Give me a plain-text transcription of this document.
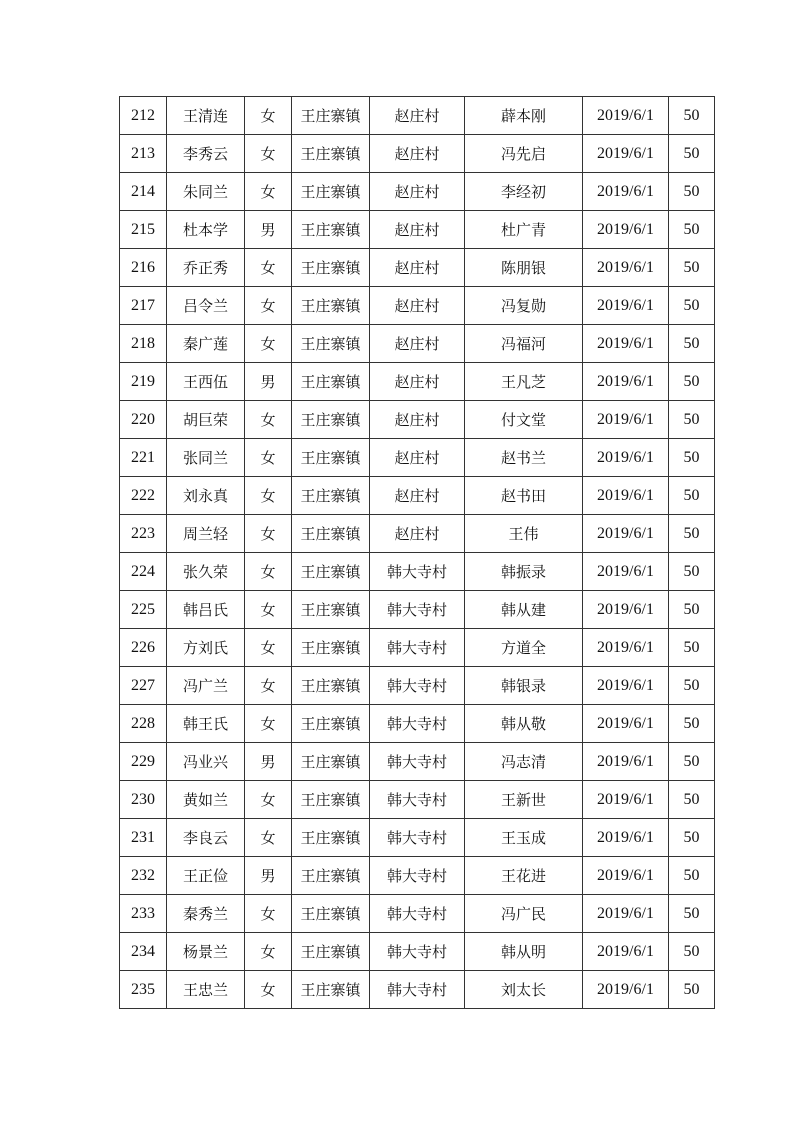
212	王清连	女	王庄寨镇	赵庄村	薜本刚	2019/6/1	50
213	李秀云	女	王庄寨镇	赵庄村	冯先启	2019/6/1	50
214	朱同兰	女	王庄寨镇	赵庄村	李经初	2019/6/1	50
215	杜本学	男	王庄寨镇	赵庄村	杜广青	2019/6/1	50
216	乔正秀	女	王庄寨镇	赵庄村	陈朋银	2019/6/1	50
217	吕令兰	女	王庄寨镇	赵庄村	冯复勋	2019/6/1	50
218	秦广莲	女	王庄寨镇	赵庄村	冯福河	2019/6/1	50
219	王西伍	男	王庄寨镇	赵庄村	王凡芝	2019/6/1	50
220	胡巨荣	女	王庄寨镇	赵庄村	付文堂	2019/6/1	50
221	张同兰	女	王庄寨镇	赵庄村	赵书兰	2019/6/1	50
222	刘永真	女	王庄寨镇	赵庄村	赵书田	2019/6/1	50
223	周兰轻	女	王庄寨镇	赵庄村	王伟	2019/6/1	50
224	张久荣	女	王庄寨镇	韩大寺村	韩振录	2019/6/1	50
225	韩吕氏	女	王庄寨镇	韩大寺村	韩从建	2019/6/1	50
226	方刘氏	女	王庄寨镇	韩大寺村	方道全	2019/6/1	50
227	冯广兰	女	王庄寨镇	韩大寺村	韩银录	2019/6/1	50
228	韩王氏	女	王庄寨镇	韩大寺村	韩从敬	2019/6/1	50
229	冯业兴	男	王庄寨镇	韩大寺村	冯志清	2019/6/1	50
230	黄如兰	女	王庄寨镇	韩大寺村	王新世	2019/6/1	50
231	李良云	女	王庄寨镇	韩大寺村	王玉成	2019/6/1	50
232	王正俭	男	王庄寨镇	韩大寺村	王花进	2019/6/1	50
233	秦秀兰	女	王庄寨镇	韩大寺村	冯广民	2019/6/1	50
234	杨景兰	女	王庄寨镇	韩大寺村	韩从明	2019/6/1	50
235	王忠兰	女	王庄寨镇	韩大寺村	刘太长	2019/6/1	50
